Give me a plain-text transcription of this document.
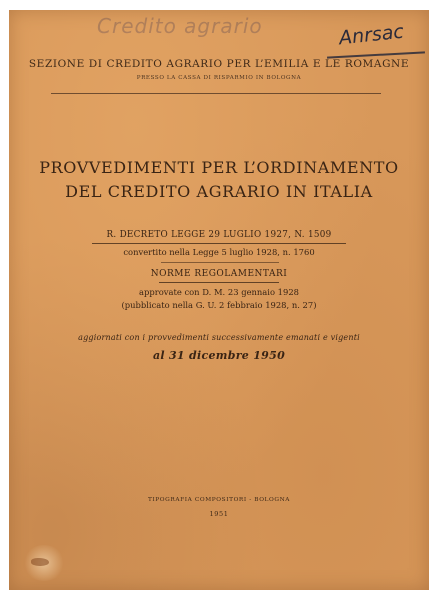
Credito agrario	Anrsac
SEZIONE DI CREDITO AGRARIO PER L’EMILIA E LE ROMAGNE
PRESSO LA CASSA DI RISPARMIO IN BOLOGNA
PROVVEDIMENTI PER L’ORDINAMENTO
DEL CREDITO AGRARIO IN ITALIA
R. DECRETO LEGGE 29 LUGLIO 1927, N. 1509
convertito nella Legge 5 luglio 1928, n. 1760
NORME REGOLAMENTARI
approvate con D. M. 23 gennaio 1928
(pubblicato nella G. U. 2 febbraio 1928, n. 27)
aggiornati con i provvedimenti successivamente emanati e vigenti
al 31 dicembre 1950
TIPOGRAFIA COMPOSITORI - BOLOGNA
1951
